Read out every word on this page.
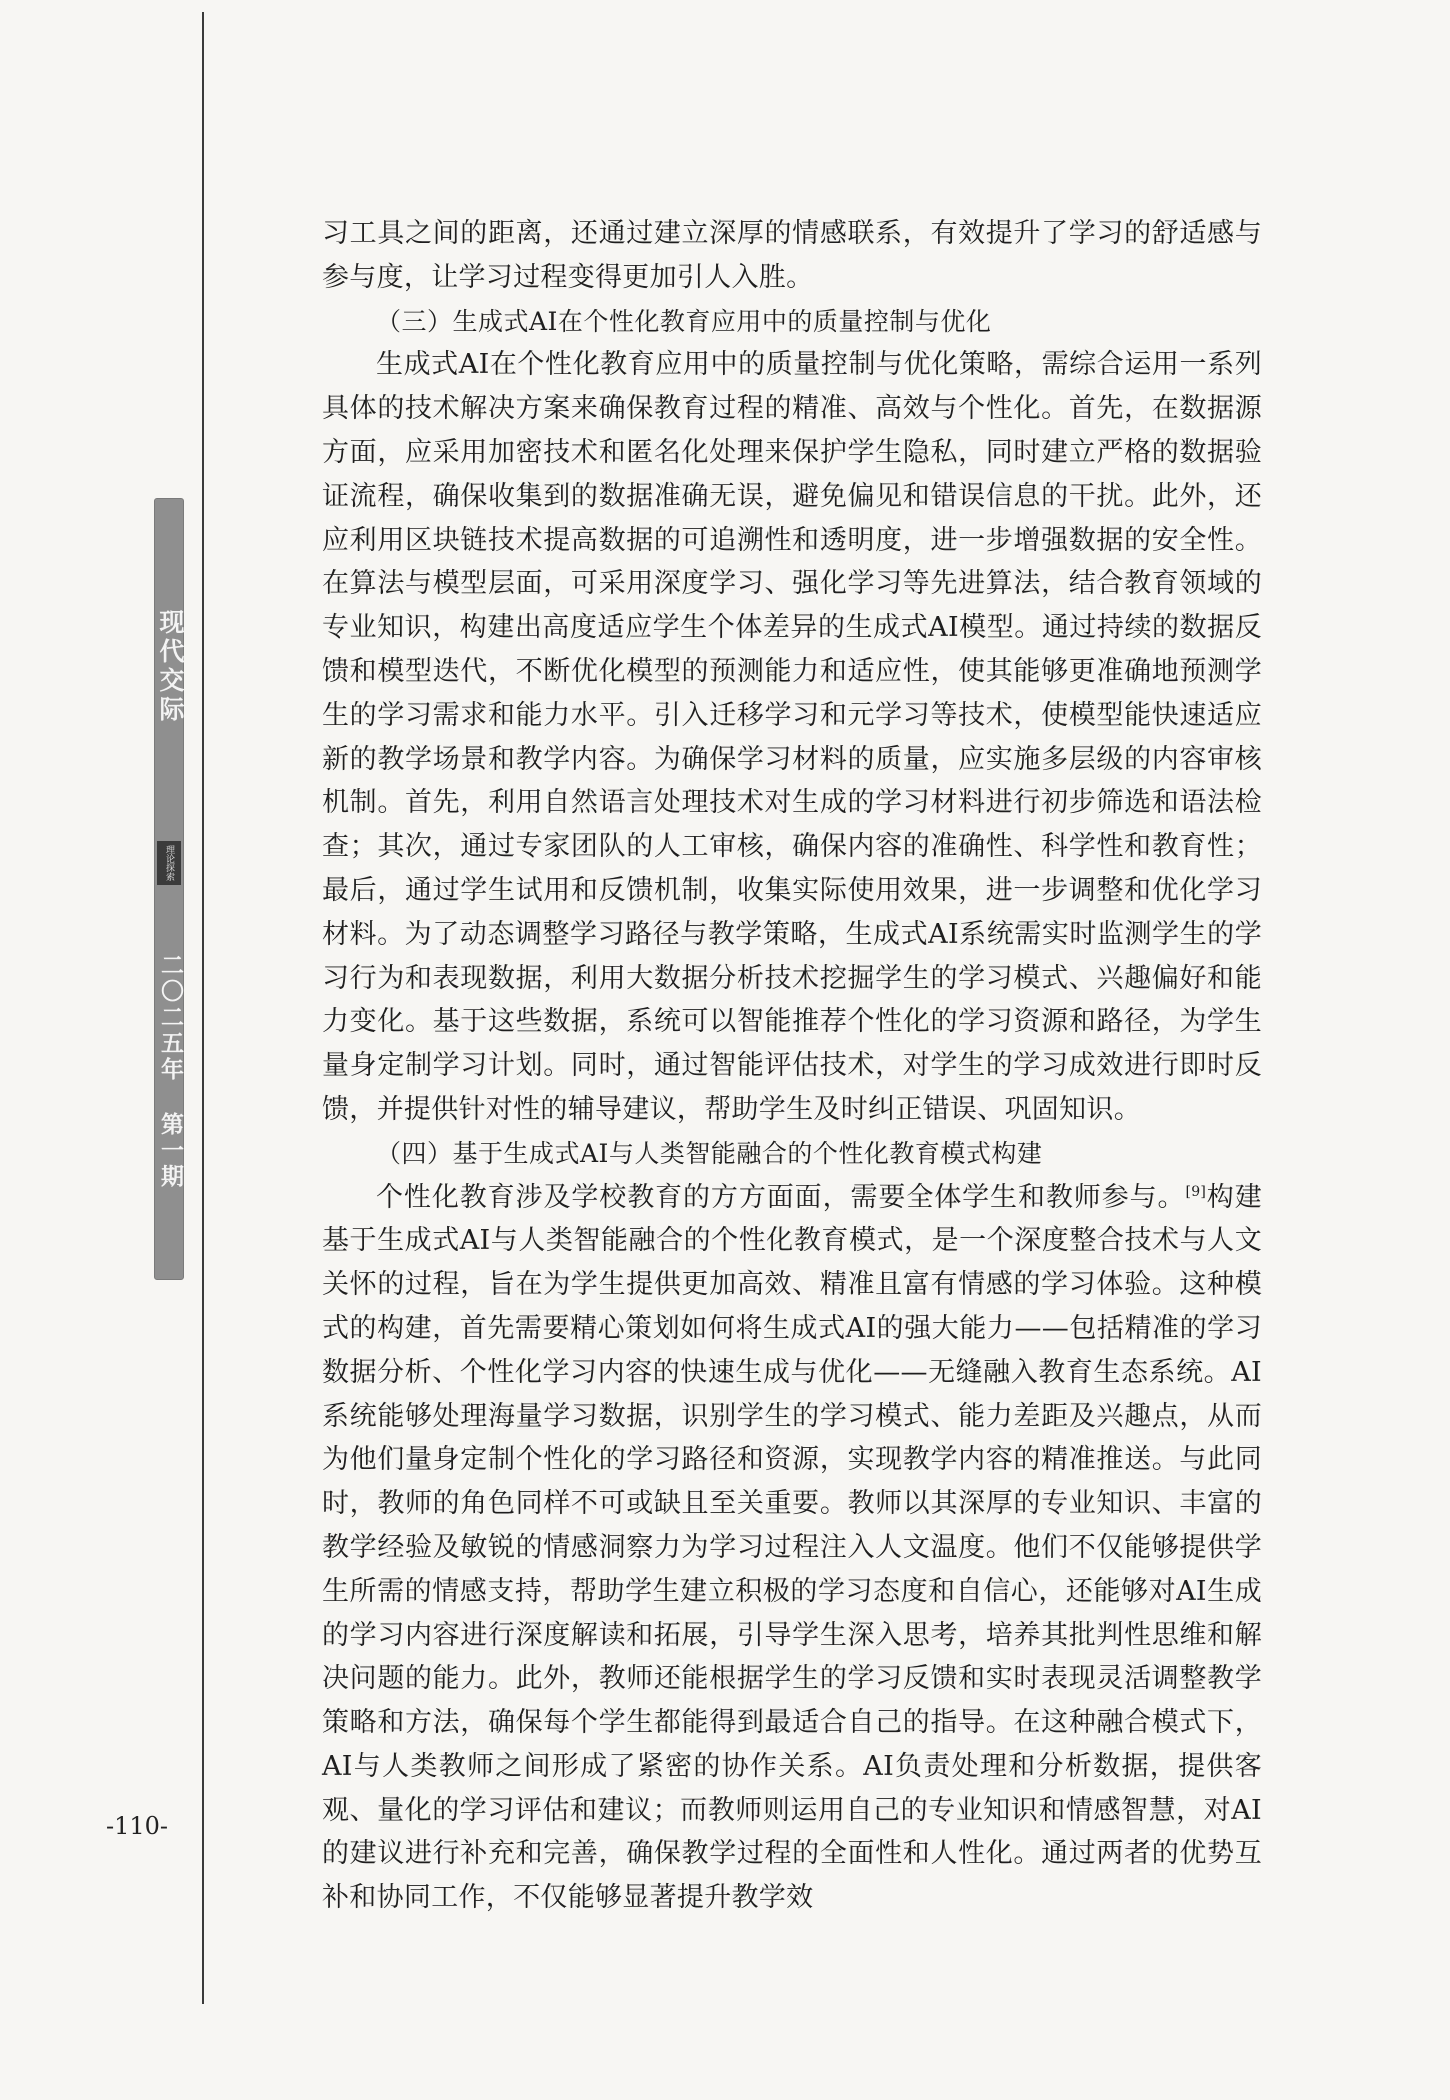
现代交际
理论探索
二〇二五年 第一期

习工具之间的距离，还通过建立深厚的情感联系，有效提升了学习的舒适感与参与度，让学习过程变得更加引人入胜。

（三）生成式AI在个性化教育应用中的质量控制与优化

生成式AI在个性化教育应用中的质量控制与优化策略，需综合运用一系列具体的技术解决方案来确保教育过程的精准、高效与个性化。首先，在数据源方面，应采用加密技术和匿名化处理来保护学生隐私，同时建立严格的数据验证流程，确保收集到的数据准确无误，避免偏见和错误信息的干扰。此外，还应利用区块链技术提高数据的可追溯性和透明度，进一步增强数据的安全性。在算法与模型层面，可采用深度学习、强化学习等先进算法，结合教育领域的专业知识，构建出高度适应学生个体差异的生成式AI模型。通过持续的数据反馈和模型迭代，不断优化模型的预测能力和适应性，使其能够更准确地预测学生的学习需求和能力水平。引入迁移学习和元学习等技术，使模型能快速适应新的教学场景和教学内容。为确保学习材料的质量，应实施多层级的内容审核机制。首先，利用自然语言处理技术对生成的学习材料进行初步筛选和语法检查；其次，通过专家团队的人工审核，确保内容的准确性、科学性和教育性；最后，通过学生试用和反馈机制，收集实际使用效果，进一步调整和优化学习材料。为了动态调整学习路径与教学策略，生成式AI系统需实时监测学生的学习行为和表现数据，利用大数据分析技术挖掘学生的学习模式、兴趣偏好和能力变化。基于这些数据，系统可以智能推荐个性化的学习资源和路径，为学生量身定制学习计划。同时，通过智能评估技术，对学生的学习成效进行即时反馈，并提供针对性的辅导建议，帮助学生及时纠正错误、巩固知识。

（四）基于生成式AI与人类智能融合的个性化教育模式构建

个性化教育涉及学校教育的方方面面，需要全体学生和教师参与。[9]构建基于生成式AI与人类智能融合的个性化教育模式，是一个深度整合技术与人文关怀的过程，旨在为学生提供更加高效、精准且富有情感的学习体验。这种模式的构建，首先需要精心策划如何将生成式AI的强大能力——包括精准的学习数据分析、个性化学习内容的快速生成与优化——无缝融入教育生态系统。AI系统能够处理海量学习数据，识别学生的学习模式、能力差距及兴趣点，从而为他们量身定制个性化的学习路径和资源，实现教学内容的精准推送。与此同时，教师的角色同样不可或缺且至关重要。教师以其深厚的专业知识、丰富的教学经验及敏锐的情感洞察力为学习过程注入人文温度。他们不仅能够提供学生所需的情感支持，帮助学生建立积极的学习态度和自信心，还能够对AI生成的学习内容进行深度解读和拓展，引导学生深入思考，培养其批判性思维和解决问题的能力。此外，教师还能根据学生的学习反馈和实时表现灵活调整教学策略和方法，确保每个学生都能得到最适合自己的指导。在这种融合模式下，AI与人类教师之间形成了紧密的协作关系。AI负责处理和分析数据，提供客观、量化的学习评估和建议；而教师则运用自己的专业知识和情感智慧，对AI的建议进行补充和完善，确保教学过程的全面性和人性化。通过两者的优势互补和协同工作，不仅能够显著提升教学效

-110-
